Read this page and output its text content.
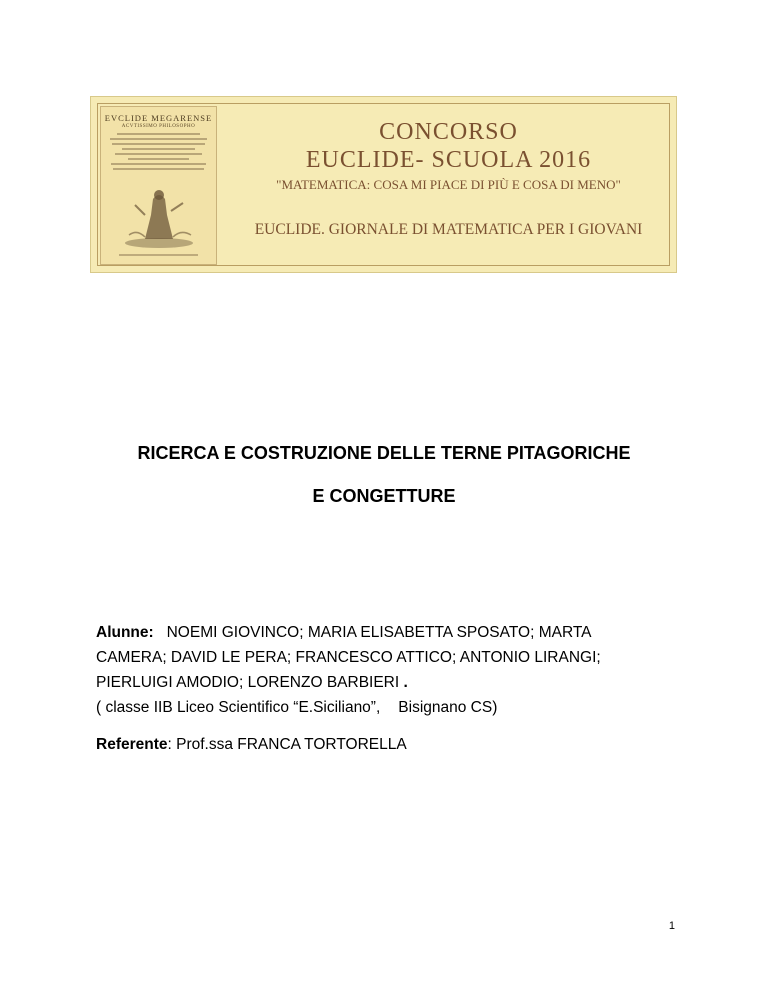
EVCLIDE MEGARENSE
ACVTISSIMO PHILOSOPHO	CONCORSO
EUCLIDE- SCUOLA 2016
"MATEMATICA: COSA MI PIACE DI PIÙ E COSA DI MENO"
EUCLIDE. GIORNALE DI MATEMATICA PER I GIOVANI
RICERCA E COSTRUZIONE DELLE TERNE PITAGORICHE
E CONGETTURE
Alunne: NOEMI GIOVINCO; MARIA ELISABETTA SPOSATO; MARTA
CAMERA; DAVID LE PERA; FRANCESCO ATTICO; ANTONIO LIRANGI;
PIERLUIGI AMODIO; LORENZO BARBIERI .
( classe IIB Liceo Scientifico “E.Siciliano”, Bisignano CS)
Referente: Prof.ssa FRANCA TORTORELLA
1
